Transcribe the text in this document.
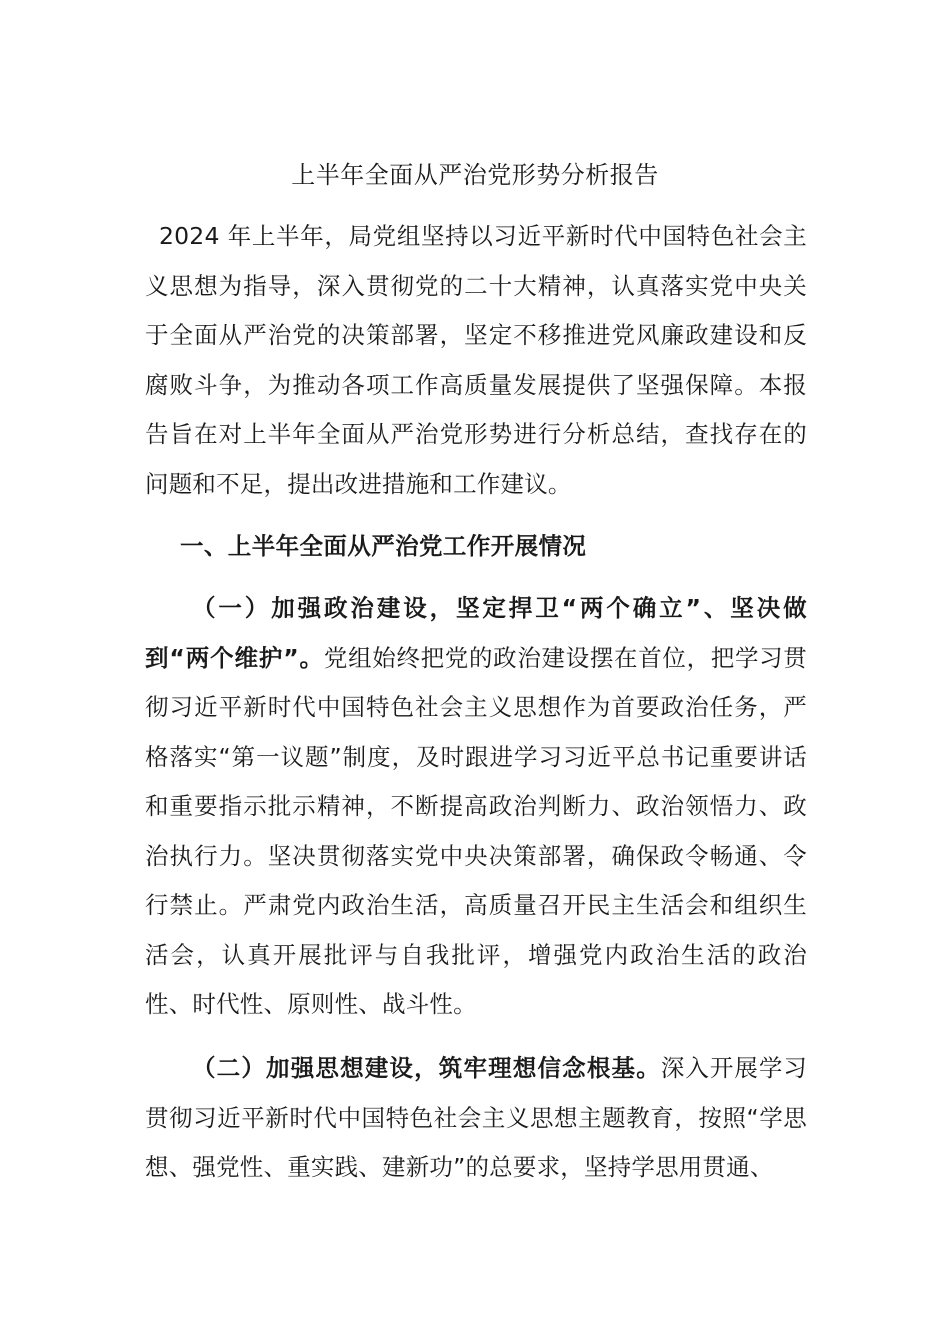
上半年全面从严治党形势分析报告

2024 年上半年，局党组坚持以习近平新时代中国特色社会主义思想为指导，深入贯彻党的二十大精神，认真落实党中央关于全面从严治党的决策部署，坚定不移推进党风廉政建设和反腐败斗争，为推动各项工作高质量发展提供了坚强保障。本报告旨在对上半年全面从严治党形势进行分析总结，查找存在的问题和不足，提出改进措施和工作建议。

一、上半年全面从严治党工作开展情况

（一）加强政治建设，坚定捍卫“两个确立”、坚决做到“两个维护”。党组始终把党的政治建设摆在首位，把学习贯彻习近平新时代中国特色社会主义思想作为首要政治任务，严格落实“第一议题”制度，及时跟进学习习近平总书记重要讲话和重要指示批示精神，不断提高政治判断力、政治领悟力、政治执行力。坚决贯彻落实党中央决策部署，确保政令畅通、令行禁止。严肃党内政治生活，高质量召开民主生活会和组织生活会，认真开展批评与自我批评，增强党内政治生活的政治性、时代性、原则性、战斗性。

（二）加强思想建设，筑牢理想信念根基。深入开展学习贯彻习近平新时代中国特色社会主义思想主题教育，按照“学思想、强党性、重实践、建新功”的总要求，坚持学思用贯通、
